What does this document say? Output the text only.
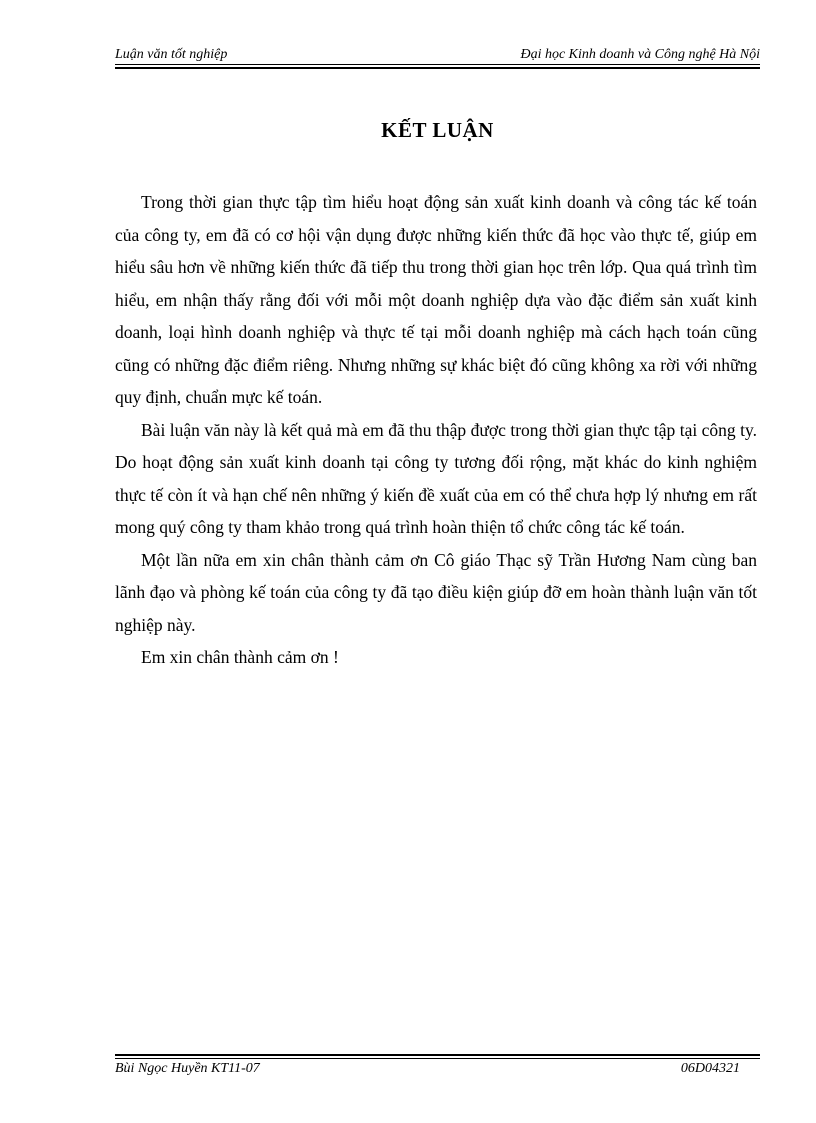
Luận văn tốt nghiệp	Đại học Kinh doanh và Công nghệ Hà Nội
KẾT LUẬN

Trong thời gian thực tập tìm hiểu hoạt động sản xuất kinh doanh và công tác kế toán của công ty, em đã có cơ hội vận dụng được những kiến thức đã học vào thực tế, giúp em hiểu sâu hơn về những kiến thức đã tiếp thu trong thời gian học trên lớp. Qua quá trình tìm hiểu, em nhận thấy rằng đối với mỗi một doanh nghiệp dựa vào đặc điểm sản xuất kinh doanh, loại hình doanh nghiệp và thực tế tại mỗi doanh nghiệp mà cách hạch toán cũng cũng có những đặc điểm riêng. Nhưng những sự khác biệt đó cũng không xa rời với những quy định, chuẩn mực kế toán.

Bài luận văn này là kết quả mà em đã thu thập được trong thời gian thực tập tại công ty. Do hoạt động sản xuất kinh doanh tại công ty tương đối rộng, mặt khác do kinh nghiệm thực tế còn ít và hạn chế nên những ý kiến đề xuất của em có thể chưa hợp lý nhưng em rất mong quý công ty tham khảo trong quá trình hoàn thiện tổ chức công tác kế toán.

Một lần nữa em xin chân thành cảm ơn Cô giáo Thạc sỹ Trần Hương Nam cùng ban lãnh đạo và phòng kế toán của công ty đã tạo điều kiện giúp đỡ em hoàn thành luận văn tốt nghiệp này.

Em xin chân thành cảm ơn !

Bùi Ngọc Huyền KT11-07	06D04321
